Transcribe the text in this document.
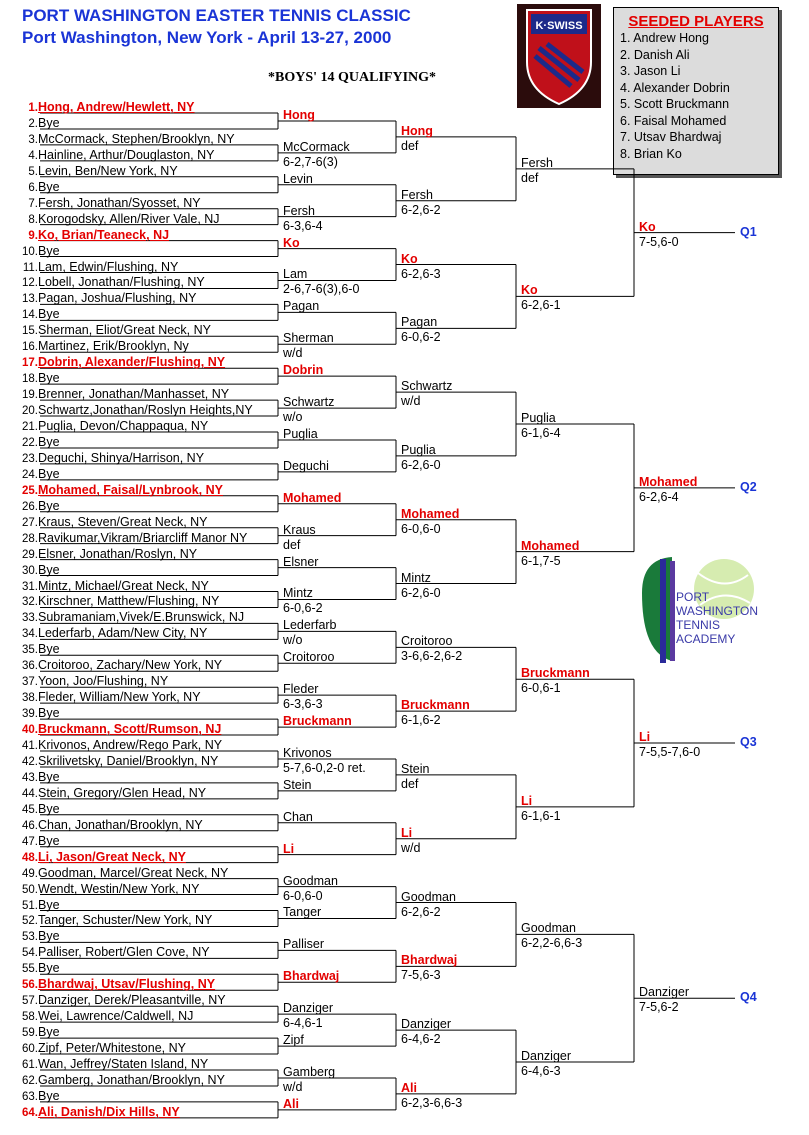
PORT WASHINGTON EASTER TENNIS CLASSIC
Port Washington, New York - April 13-27, 2000
*BOYS' 14 QUALIFYING*
K·SWISS	SEEDED PLAYERS
1. Andrew Hong
2. Danish Ali
3. Jason Li
4. Alexander Dobrin
5. Scott Bruckmann
6. Faisal Mohamed
7. Utsav Bhardwaj
8. Brian Ko
PORT
WASHINGTON
TENNIS
ACADEMY
1.Hong, Andrew/Hewlett, NY
2.Bye
3.McCormack, Stephen/Brooklyn, NY
4.Hainline, Arthur/Douglaston, NY
5.Levin, Ben/New York, NY
6.Bye
7.Fersh, Jonathan/Syosset, NY
8.Korogodsky, Allen/River Vale, NJ
9.Ko, Brian/Teaneck, NJ
10.Bye
11.Lam, Edwin/Flushing, NY
12.Lobell, Jonathan/Flushing, NY
13.Pagan, Joshua/Flushing, NY
14.Bye
15.Sherman, Eliot/Great Neck, NY
16.Martinez, Erik/Brooklyn, Ny
17.Dobrin, Alexander/Flushing, NY
18.Bye
19.Brenner, Jonathan/Manhasset, NY
20.Schwartz,Jonathan/Roslyn Heights,NY
21.Puglia, Devon/Chappaqua, NY
22.Bye
23.Deguchi, Shinya/Harrison, NY
24.Bye
25.Mohamed, Faisal/Lynbrook, NY
26.Bye
27.Kraus, Steven/Great Neck, NY
28.Ravikumar,Vikram/Briarcliff Manor NY
29.Elsner, Jonathan/Roslyn, NY
30.Bye
31.Mintz, Michael/Great Neck, NY
32.Kirschner, Matthew/Flushing, NY
33.Subramaniam,Vivek/E.Brunswick, NJ
34.Lederfarb, Adam/New City, NY
35.Bye
36.Croitoroo, Zachary/New York, NY
37.Yoon, Joo/Flushing, NY
38.Fleder, William/New York, NY
39.Bye
40.Bruckmann, Scott/Rumson, NJ
41.Krivonos, Andrew/Rego Park, NY
42.Skrilivetsky, Daniel/Brooklyn, NY
43.Bye
44.Stein, Gregory/Glen Head, NY
45.Bye
46.Chan, Jonathan/Brooklyn, NY
47.Bye
48.Li, Jason/Great Neck, NY
49.Goodman, Marcel/Great Neck, NY
50.Wendt, Westin/New York, NY
51.Bye
52.Tanger, Schuster/New York, NY
53.Bye
54.Palliser, Robert/Glen Cove, NY
55.Bye
56.Bhardwaj, Utsav/Flushing, NY
57.Danziger, Derek/Pleasantville, NY
58.Wei, Lawrence/Caldwell, NJ
59.Bye
60.Zipf, Peter/Whitestone, NY
61.Wan, Jeffrey/Staten Island, NY
62.Gamberg, Jonathan/Brooklyn, NY
63.Bye
64.Ali, Danish/Dix Hills, NY
Hong
McCormack
6-2,7-6(3)
Levin
Fersh
6-3,6-4
Ko
Lam
2-6,7-6(3),6-0
Pagan
Sherman
w/d
Dobrin
Schwartz
w/o
Puglia
Deguchi
Mohamed
Kraus
def
Elsner
Mintz
6-0,6-2
Lederfarb
w/o
Croitoroo
Fleder
6-3,6-3
Bruckmann
Krivonos
5-7,6-0,2-0 ret.
Stein
Chan
Li
Goodman
6-0,6-0
Tanger
Palliser
Bhardwaj
Danziger
6-4,6-1
Zipf
Gamberg
w/d
Ali
Hong
def
Fersh
6-2,6-2
Ko
6-2,6-3
Pagan
6-0,6-2
Schwartz
w/d
Puglia
6-2,6-0
Mohamed
6-0,6-0
Mintz
6-2,6-0
Croitoroo
3-6,6-2,6-2
Bruckmann
6-1,6-2
Stein
def
Li
w/d
Goodman
6-2,6-2
Bhardwaj
7-5,6-3
Danziger
6-4,6-2
Ali
6-2,3-6,6-3
Fersh
def
Ko
6-2,6-1
Puglia
6-1,6-4
Mohamed
6-1,7-5
Bruckmann
6-0,6-1
Li
6-1,6-1
Goodman
6-2,2-6,6-3
Danziger
6-4,6-3
Ko
7-5,6-0
Q1
Mohamed
6-2,6-4
Q2
Li
7-5,5-7,6-0
Q3
Danziger
7-5,6-2
Q4
